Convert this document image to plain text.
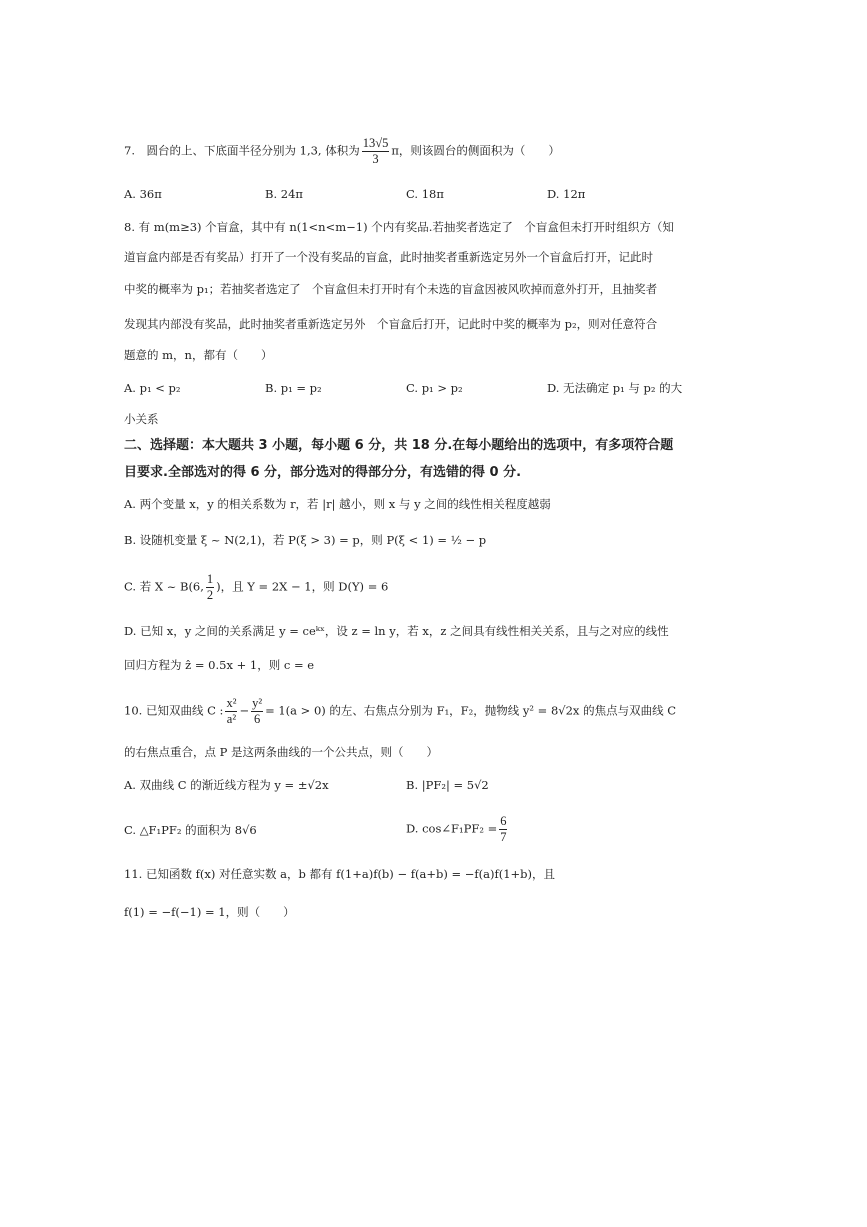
7.　圆台的上、下底面半径分别为 1,3, 体积为 $\frac{13√5}{3}$ π，则该圆台的侧面积为（　　）
A. 36π	B. 24π	C. 18π	D. 12π
8. 有 m(m≥3) 个盲盒，其中有 n(1<n<m−1) 个内有奖品.若抽奖者选定了　个盲盒但未打开时组织方（知
道盲盒内部是否有奖品）打开了一个没有奖品的盲盒，此时抽奖者重新选定另外一个盲盒后打开，记此时
中奖的概率为 p₁；若抽奖者选定了　个盲盒但未打开时有个未选的盲盒因被风吹掉而意外打开，且抽奖者
发现其内部没有奖品，此时抽奖者重新选定另外　个盲盒后打开，记此时中奖的概率为 p₂，则对任意符合
题意的 m，n，都有（　　）
A. p₁ < p₂	B. p₁ = p₂	C. p₁ > p₂	D. 无法确定 p₁ 与 p₂ 的大
小关系
二、选择题：本大题共 3 小题，每小题 6 分，共 18 分.在每小题给出的选项中，有多项符合题
目要求.全部选对的得 6 分，部分选对的得部分分，有选错的得 0 分.
A. 两个变量 x，y 的相关系数为 r，若 |r| 越小，则 x 与 y 之间的线性相关程度越弱
B. 设随机变量 ξ ~ N(2,1)，若 P(ξ > 3) = p，则 P(ξ < 1) = ½ − p
C. 若 X ~ B(6, $\frac{1}{2}$ )，且 Y = 2X − 1，则 D(Y) = 6
D. 已知 x，y 之间的关系满足 y = ceᵏˣ，设 z = ln y，若 x，z 之间具有线性相关关系，且与之对应的线性
回归方程为 ẑ = 0.5x + 1，则 c = e
10. 已知双曲线 C : $\frac{\text{x²}}{\text{a²}} - \frac{\text{y²}}{6} = 1(a > 0)$ 的左、右焦点分别为 F₁，F₂，抛物线 y² = 8√2x 的焦点与双曲线 C
的右焦点重合，点 P 是这两条曲线的一个公共点，则（　　）
A. 双曲线 C 的渐近线方程为 y = ±√2x	B. |PF₂| = 5√2
C. △F₁PF₂ 的面积为 8√6	D. cos∠F₁PF₂ = $\frac{6}{7}$
11. 已知函数 f(x) 对任意实数 a，b 都有 f(1+a)f(b) − f(a+b) = −f(a)f(1+b)，且
f(1) = −f(−1) = 1，则（　　）
